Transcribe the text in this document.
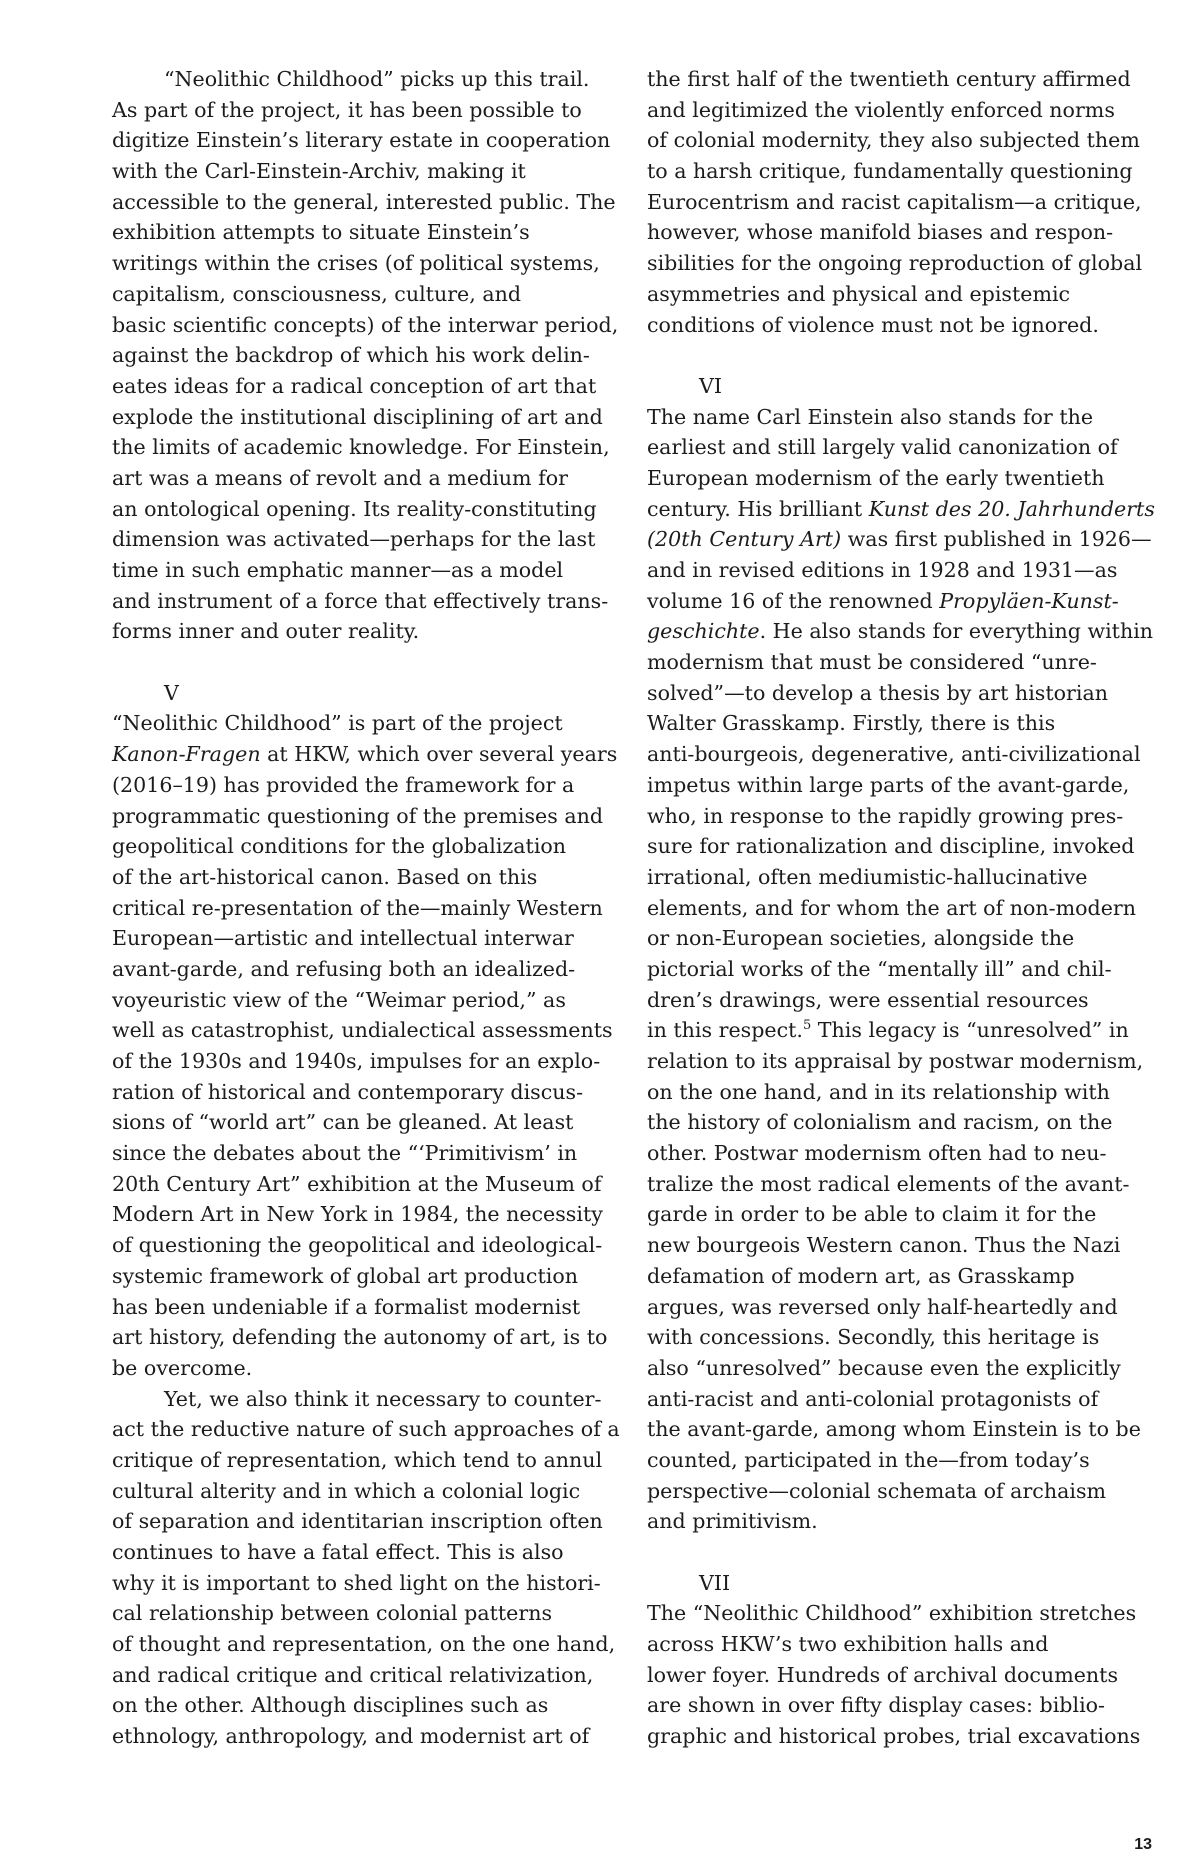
“Neolithic Childhood” picks up this trail.
As part of the project, it has been possible to
digitize Einstein’s literary estate in cooperation
with the Carl-Einstein-Archiv, making it
accessible to the general, interested public. The
exhibition attempts to situate Einstein’s
writings within the crises (of political systems,
capitalism, consciousness, culture, and
basic scientific concepts) of the interwar period,
against the backdrop of which his work delin-
eates ideas for a radical conception of art that
explode the institutional disciplining of art and
the limits of academic knowledge. For Einstein,
art was a means of revolt and a medium for
an ontological opening. Its reality-constituting
dimension was activated—perhaps for the last
time in such emphatic manner—as a model
and instrument of a force that effectively trans-
forms inner and outer reality.

V

“Neolithic Childhood” is part of the project
Kanon-Fragen at HKW, which over several years
(2016–19) has provided the framework for a
programmatic questioning of the premises and
geopolitical conditions for the globalization
of the art-historical canon. Based on this
critical re-presentation of the—mainly Western
European—artistic and intellectual interwar
avant-garde, and refusing both an idealized-
voyeuristic view of the “Weimar period,” as
well as catastrophist, undialectical assessments
of the 1930s and 1940s, impulses for an explo-
ration of historical and contemporary discus-
sions of “world art” can be gleaned. At least
since the debates about the “‘Primitivism’ in
20th Century Art” exhibition at the Museum of
Modern Art in New York in 1984, the necessity
of questioning the geopolitical and ideological-
systemic framework of global art production
has been undeniable if a formalist modernist
art history, defending the autonomy of art, is to
be overcome.

Yet, we also think it necessary to counter-
act the reductive nature of such approaches of a
critique of representation, which tend to annul
cultural alterity and in which a colonial logic
of separation and identitarian inscription often
continues to have a fatal effect. This is also
why it is important to shed light on the histori-
cal relationship between colonial patterns
of thought and representation, on the one hand,
and radical critique and critical relativization,
on the other. Although disciplines such as
ethnology, anthropology, and modernist art of

the first half of the twentieth century affirmed
and legitimized the violently enforced norms
of colonial modernity, they also subjected them
to a harsh critique, fundamentally questioning
Eurocentrism and racist capitalism—a critique,
however, whose manifold biases and respon-
sibilities for the ongoing reproduction of global
asymmetries and physical and epistemic
conditions of violence must not be ignored.

VI

The name Carl Einstein also stands for the
earliest and still largely valid canonization of
European modernism of the early twentieth
century. His brilliant Kunst des 20. Jahrhunderts
(20th Century Art) was first published in 1926—
and in revised editions in 1928 and 1931—as
volume 16 of the renowned Propyläen-Kunst-
geschichte. He also stands for everything within
modernism that must be considered “unre-
solved”—to develop a thesis by art historian
Walter Grasskamp. Firstly, there is this
anti-bourgeois, degenerative, anti-civilizational
impetus within large parts of the avant-garde,
who, in response to the rapidly growing pres-
sure for rationalization and discipline, invoked
irrational, often mediumistic-hallucinative
elements, and for whom the art of non-modern
or non-European societies, alongside the
pictorial works of the “mentally ill” and chil-
dren’s drawings, were essential resources
in this respect.$^5$ This legacy is “unresolved” in
relation to its appraisal by postwar modernism,
on the one hand, and in its relationship with
the history of colonialism and racism, on the
other. Postwar modernism often had to neu-
tralize the most radical elements of the avant-
garde in order to be able to claim it for the
new bourgeois Western canon. Thus the Nazi
defamation of modern art, as Grasskamp
argues, was reversed only half-heartedly and
with concessions. Secondly, this heritage is
also “unresolved” because even the explicitly
anti-racist and anti-colonial protagonists of
the avant-garde, among whom Einstein is to be
counted, participated in the—from today’s
perspective—colonial schemata of archaism
and primitivism.

VII

The “Neolithic Childhood” exhibition stretches
across HKW’s two exhibition halls and
lower foyer. Hundreds of archival documents
are shown in over fifty display cases: biblio-
graphic and historical probes, trial excavations

13
